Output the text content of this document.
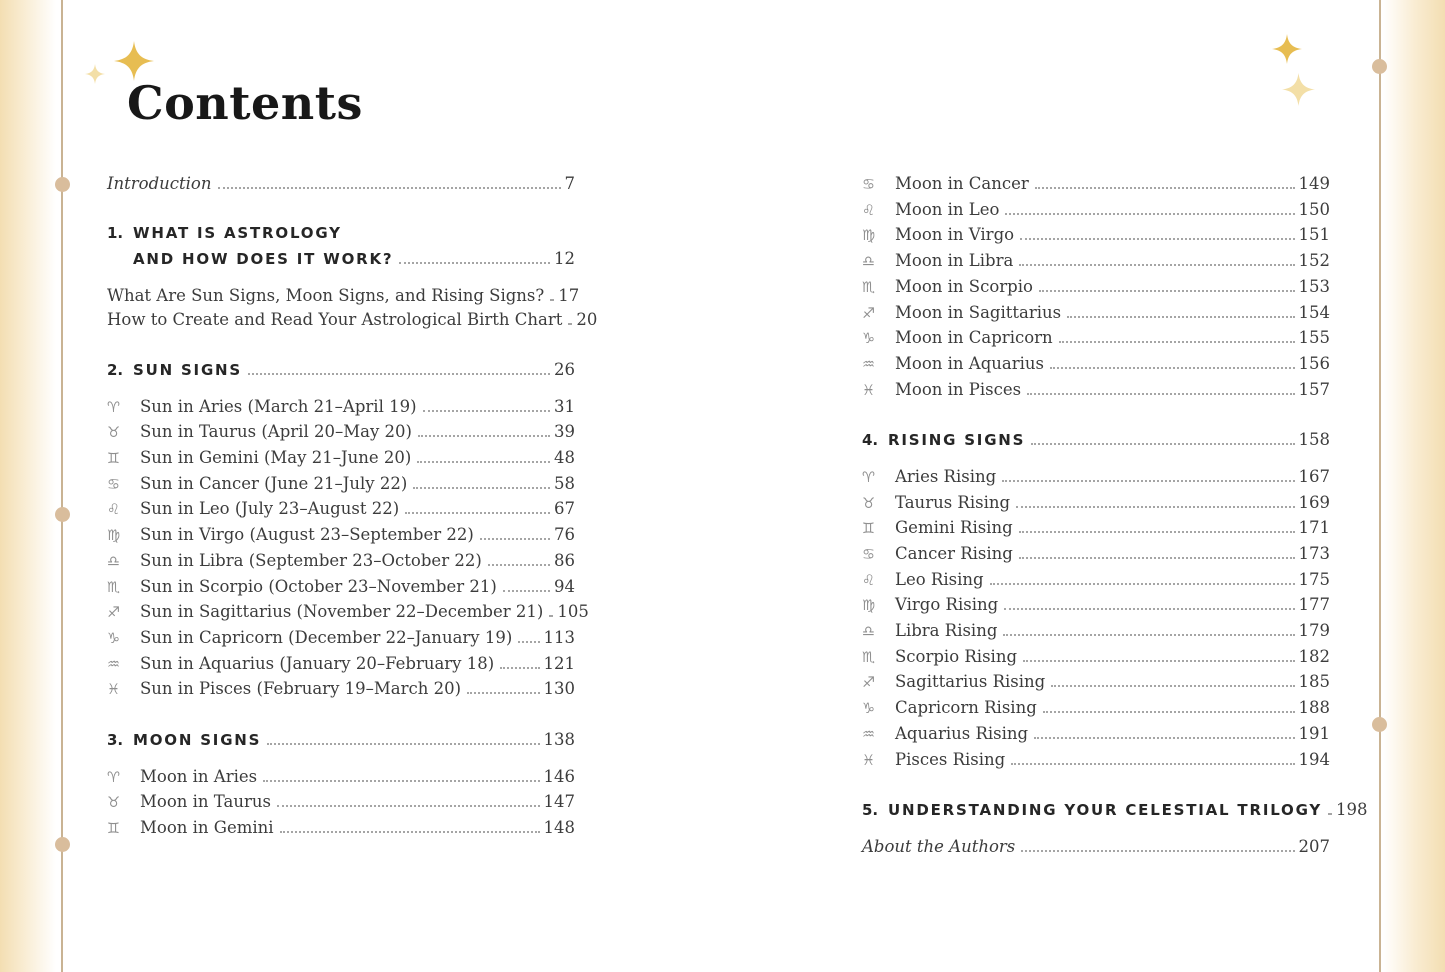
Contents
Introduction	7
1. WHAT IS ASTROLOGY
AND HOW DOES IT WORK?	12
What Are Sun Signs, Moon Signs, and Rising Signs? 17
How to Create and Read Your Astrological Birth Chart 20
2. SUN SIGNS	26
♈	Sun in Aries (March 21–April 19)	31
♉	Sun in Taurus (April 20–May 20)	39
♊	Sun in Gemini (May 21–June 20)	48
♋	Sun in Cancer (June 21–July 22)	58
♌	Sun in Leo (July 23–August 22)	67
♍	Sun in Virgo (August 23–September 22)	76
♎	Sun in Libra (September 23–October 22)	86
♏	Sun in Scorpio (October 23–November 21)	94
♐	Sun in Sagittarius (November 22–December 21) 105
♑	Sun in Capricorn (December 22–January 19) 113
♒	Sun in Aquarius (January 20–February 18)	121
♓	Sun in Pisces (February 19–March 20)	130
3. MOON SIGNS	138
♈	Moon in Aries	146
♉	Moon in Taurus	147
♊	Moon in Gemini	148
♋	Moon in Cancer	149
♌	Moon in Leo	150
♍	Moon in Virgo	151
♎	Moon in Libra	152
♏	Moon in Scorpio	153
♐	Moon in Sagittarius	154
♑	Moon in Capricorn	155
♒	Moon in Aquarius	156
♓	Moon in Pisces	157
4. RISING SIGNS	158
♈	Aries Rising	167
♉	Taurus Rising	169
♊	Gemini Rising	171
♋	Cancer Rising	173
♌	Leo Rising	175
♍	Virgo Rising	177
♎	Libra Rising	179
♏	Scorpio Rising	182
♐	Sagittarius Rising	185
♑	Capricorn Rising	188
♒	Aquarius Rising	191
♓	Pisces Rising	194
5. UNDERSTANDING YOUR CELESTIAL TRILOGY 198
About the Authors	207
